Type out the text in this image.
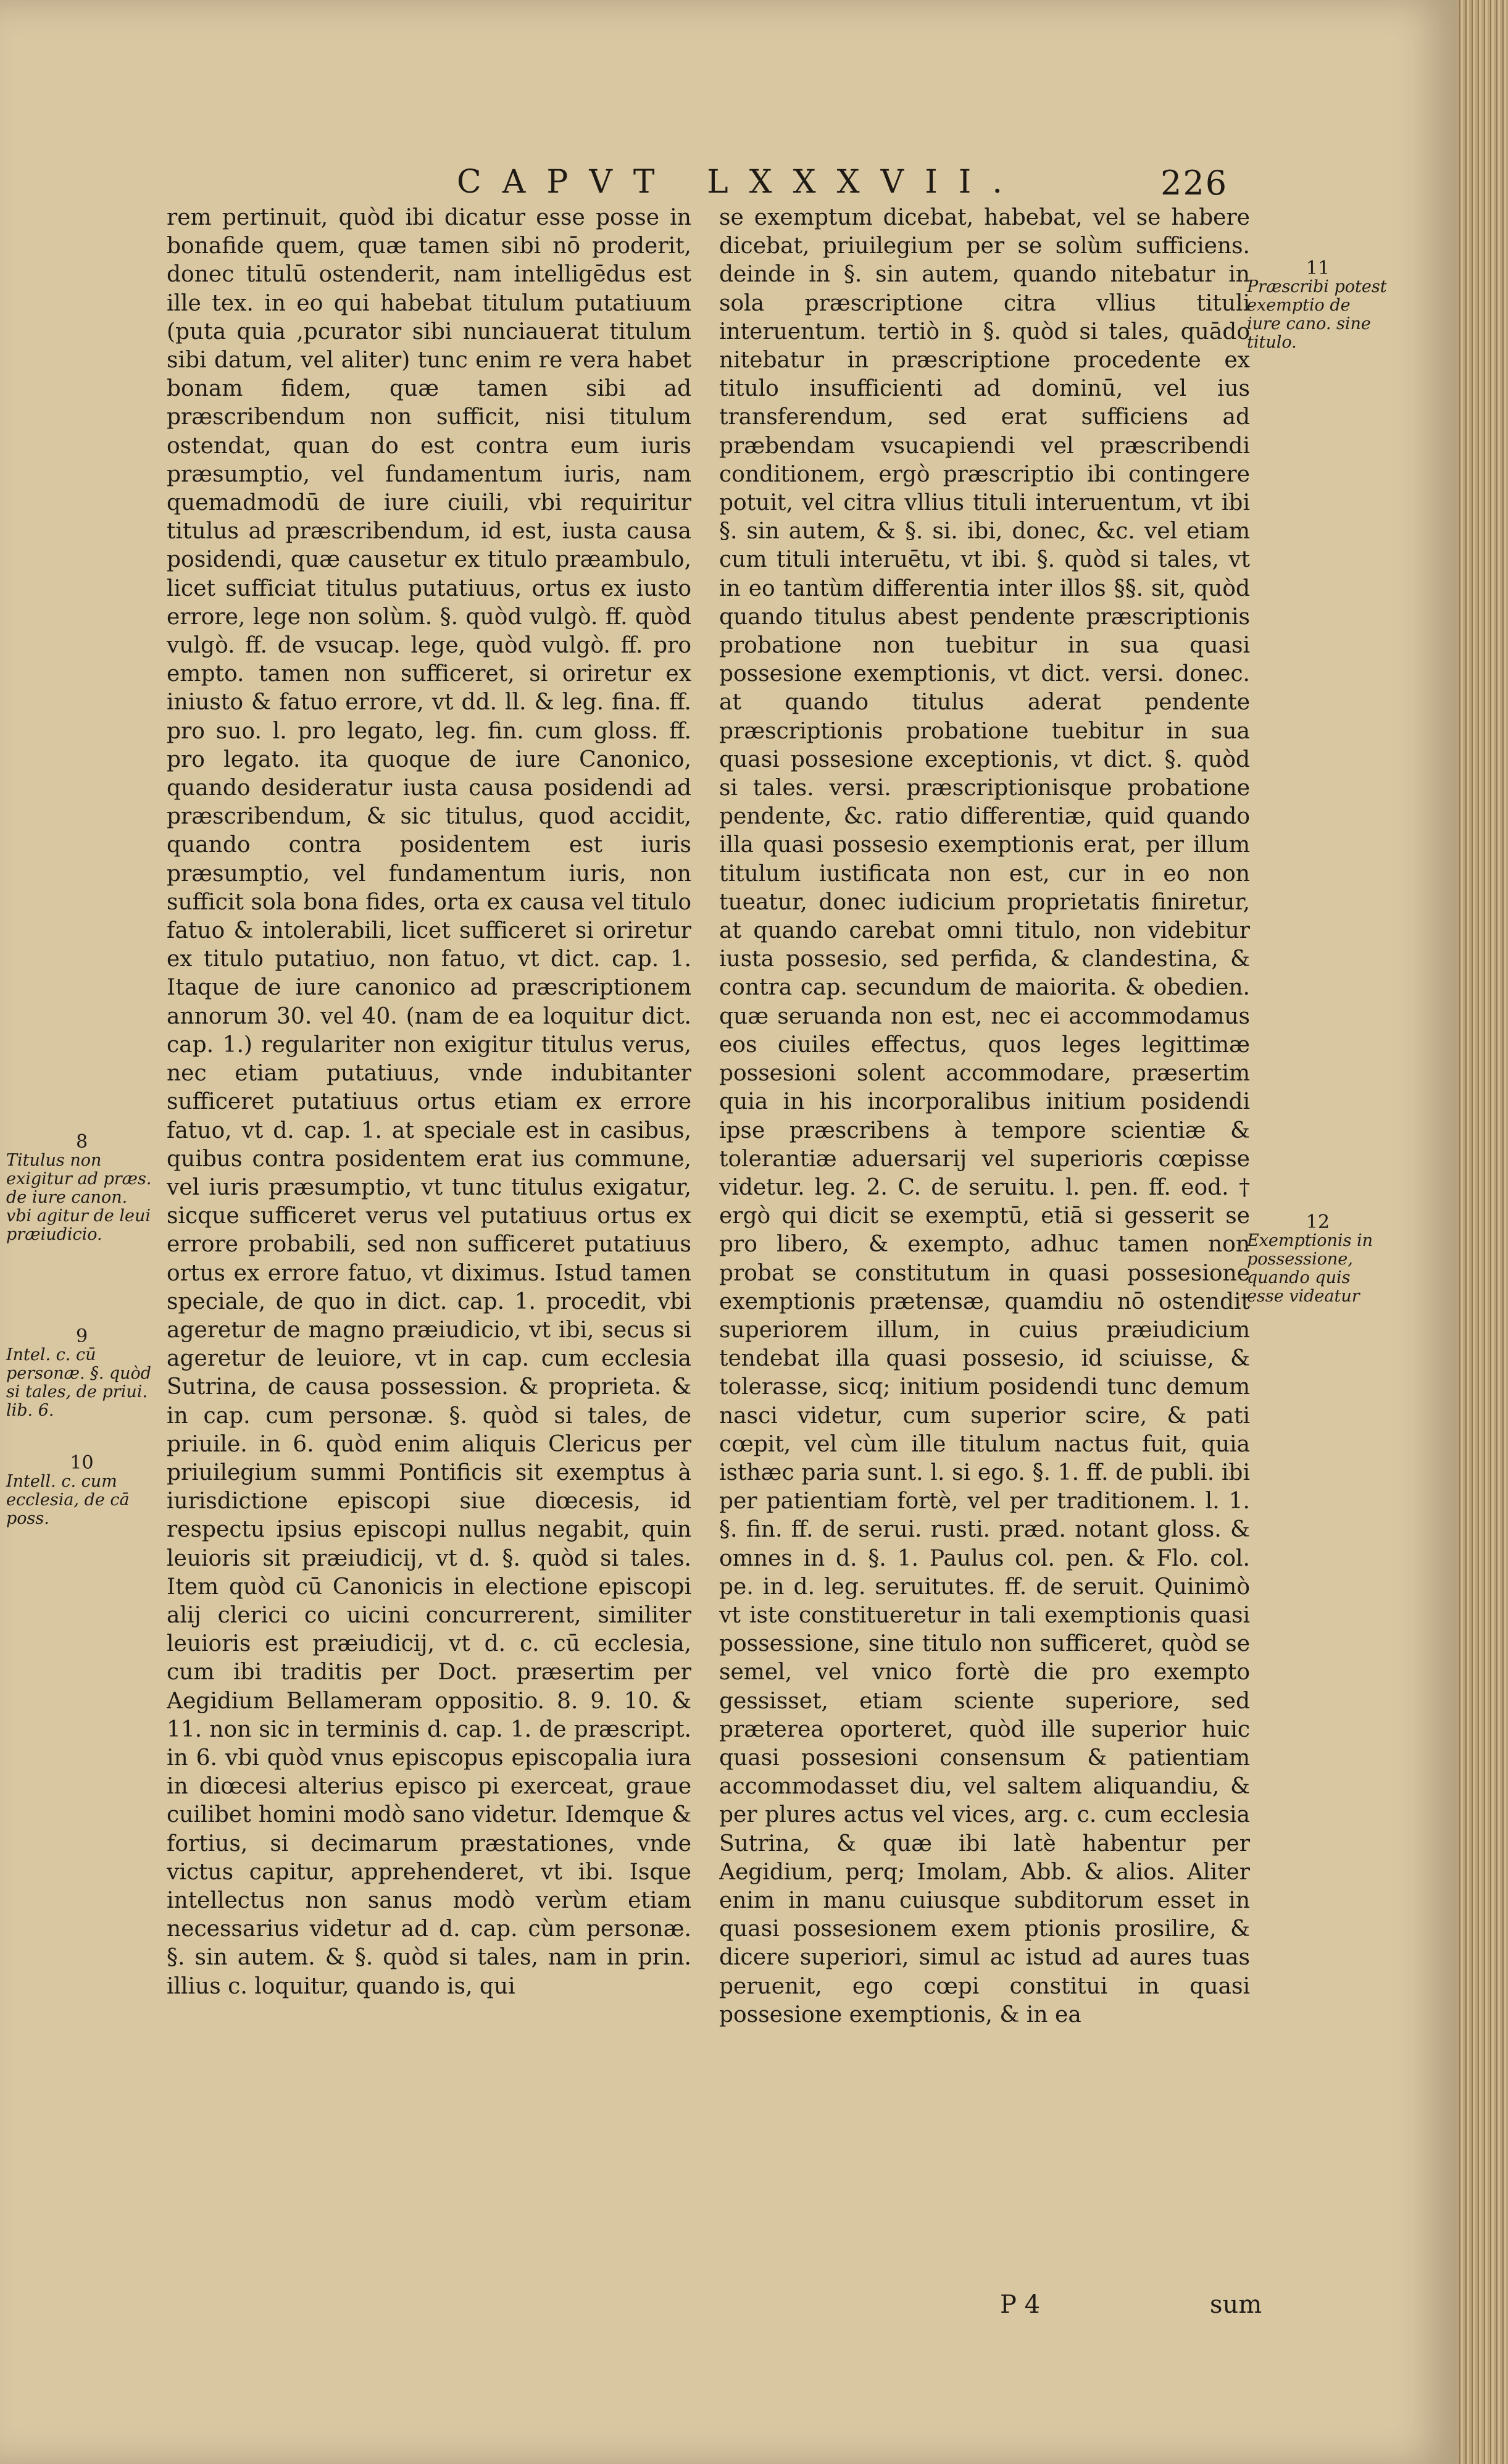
CAPVT LXXXVII.	226

rem pertinuit, quòd ibi dicatur esse posse in bonafide quem, quæ tamen sibi nō proderit, donec titulū ostenderit, nam intelligēdus est ille tex. in eo qui habebat titulum putatiuum (puta quia ,pcurator sibi nunciauerat titulum sibi datum, vel aliter) tunc enim re vera habet bonam fidem, quæ tamen sibi ad præscribendum non sufficit, nisi titulum ostendat, quan do est contra eum iuris præsumptio, vel fundamentum iuris, nam quemadmodū de iure ciuili, vbi requiritur titulus ad præscribendum, id est, iusta causa posidendi, quæ causetur ex titulo præambulo, licet sufficiat titulus putatiuus, ortus ex iusto errore, lege non solùm. §. quòd vulgò. ff. quòd vulgò. ff. de vsucap. lege, quòd vulgò. ff. pro empto. tamen non sufficeret, si oriretur ex iniusto & fatuo errore, vt dd. ll. & leg. fina. ff. pro suo. l. pro legato, leg. fin. cum gloss. ff. pro legato. ita quoque de iure Canonico, quando desideratur iusta causa posidendi ad præscribendum, & sic titulus, quod accidit, quando contra posidentem est iuris præsumptio, vel fundamentum iuris, non sufficit sola bona fides, orta ex causa vel titulo fatuo & intolerabili, licet sufficeret si oriretur ex titulo putatiuo, non fatuo, vt dict. cap. 1. Itaque de iure canonico ad præscriptionem annorum 30. vel 40. (nam de ea loquitur dict. cap. 1.) regulariter non exigitur titulus verus, nec etiam putatiuus, vnde indubitanter sufficeret putatiuus ortus etiam ex errore fatuo, vt d. cap. 1. at speciale est in casibus, quibus contra posidentem erat ius commune, vel iuris præsumptio, vt tunc titulus exigatur, sicque sufficeret verus vel putatiuus ortus ex errore probabili, sed non sufficeret putatiuus ortus ex errore fatuo, vt diximus. Istud tamen speciale, de quo in dict. cap. 1. procedit, vbi ageretur de magno præiudicio, vt ibi, secus si ageretur de leuiore, vt in cap. cum ecclesia Sutrina, de causa possession. & proprieta. & in cap. cum personæ. §. quòd si tales, de priuile. in 6. quòd enim aliquis Clericus per priuilegium summi Pontificis sit exemptus à iurisdictione episcopi siue diœcesis, id respectu ipsius episcopi nullus negabit, quin leuioris sit præiudicij, vt d. §. quòd si tales. Item quòd cū Canonicis in electione episcopi alij clerici co uicini concurrerent, similiter leuioris est præiudicij, vt d. c. cū ecclesia, cum ibi traditis per Doct. præsertim per Aegidium Bellameram oppositio. 8. 9. 10. & 11. non sic in terminis d. cap. 1. de præscript. in 6. vbi quòd vnus episcopus episcopalia iura in diœcesi alterius episco pi exerceat, graue cuilibet homini modò sano videtur. Idemque & fortius, si decimarum præstationes, vnde victus capitur, apprehenderet, vt ibi. Isque intellectus non sanus modò verùm etiam necessarius videtur ad d. cap. cùm personæ. §. sin autem. & §. quòd si tales, nam in prin. illius c. loquitur, quando is, qui

se exemptum dicebat, habebat, vel se habere dicebat, priuilegium per se solùm sufficiens. deinde in §. sin autem, quando nitebatur in sola præscriptione citra vllius tituli interuentum. tertiò in §. quòd si tales, quādo nitebatur in præscriptione procedente ex titulo insufficienti ad dominū, vel ius transferendum, sed erat sufficiens ad præbendam vsucapiendi vel præscribendi conditionem, ergò præscriptio ibi contingere potuit, vel citra vllius tituli interuentum, vt ibi §. sin autem, & §. si. ibi, donec, &c. vel etiam cum tituli interuētu, vt ibi. §. quòd si tales, vt in eo tantùm differentia inter illos §§. sit, quòd quando titulus abest pendente præscriptionis probatione non tuebitur in sua quasi possesione exemptionis, vt dict. versi. donec. at quando titulus aderat pendente præscriptionis probatione tuebitur in sua quasi possesione exceptionis, vt dict. §. quòd si tales. versi. præscriptionisque probatione pendente, &c. ratio differentiæ, quid quando illa quasi possesio exemptionis erat, per illum titulum iustificata non est, cur in eo non tueatur, donec iudicium proprietatis finiretur, at quando carebat omni titulo, non videbitur iusta possesio, sed perfida, & clandestina, & contra cap. secundum de maiorita. & obedien. quæ seruanda non est, nec ei accommodamus eos ciuiles effectus, quos leges legittimæ possesioni solent accommodare, præsertim quia in his incorporalibus initium posidendi ipse præscribens à tempore scientiæ & tolerantiæ aduersarij vel superioris cœpisse videtur. leg. 2. C. de seruitu. l. pen. ff. eod. † ergò qui dicit se exemptū, etiā si gesserit se pro libero, & exempto, adhuc tamen non probat se constitutum in quasi possesione exemptionis prætensæ, quamdiu nō ostendit superiorem illum, in cuius præiudicium tendebat illa quasi possesio, id sciuisse, & tolerasse, sicq; initium posidendi tunc demum nasci videtur, cum superior scire, & pati cœpit, vel cùm ille titulum nactus fuit, quia isthæc paria sunt. l. si ego. §. 1. ff. de publi. ibi per patientiam fortè, vel per traditionem. l. 1. §. fin. ff. de serui. rusti. præd. notant gloss. & omnes in d. §. 1. Paulus col. pen. & Flo. col. pe. in d. leg. seruitutes. ff. de seruit. Quinimò vt iste constitueretur in tali exemptionis quasi possessione, sine titulo non sufficeret, quòd se semel, vel vnico fortè die pro exempto gessisset, etiam sciente superiore, sed præterea oporteret, quòd ille superior huic quasi possesioni consensum & patientiam accommodasset diu, vel saltem aliquandiu, & per plures actus vel vices, arg. c. cum ecclesia Sutrina, & quæ ibi latè habentur per Aegidium, perq; Imolam, Abb. & alios. Aliter enim in manu cuiusque subditorum esset in quasi possesionem exem ptionis prosilire, & dicere superiori, simul ac istud ad aures tuas peruenit, ego cœpi constitui in quasi possesione exemptionis, & in ea

8
Titulus non exigitur ad præs. de iure canon. vbi agitur de leui præiudicio.
9
Intel. c. cū personæ. §. quòd si tales, de priui. lib. 6.
10
Intell. c. cum ecclesia, de cā poss.
11
Præscribi potest exemptio de iure cano. sine titulo.
12
Exemptionis in possessione, quando quis esse videatur
P 4	sum
